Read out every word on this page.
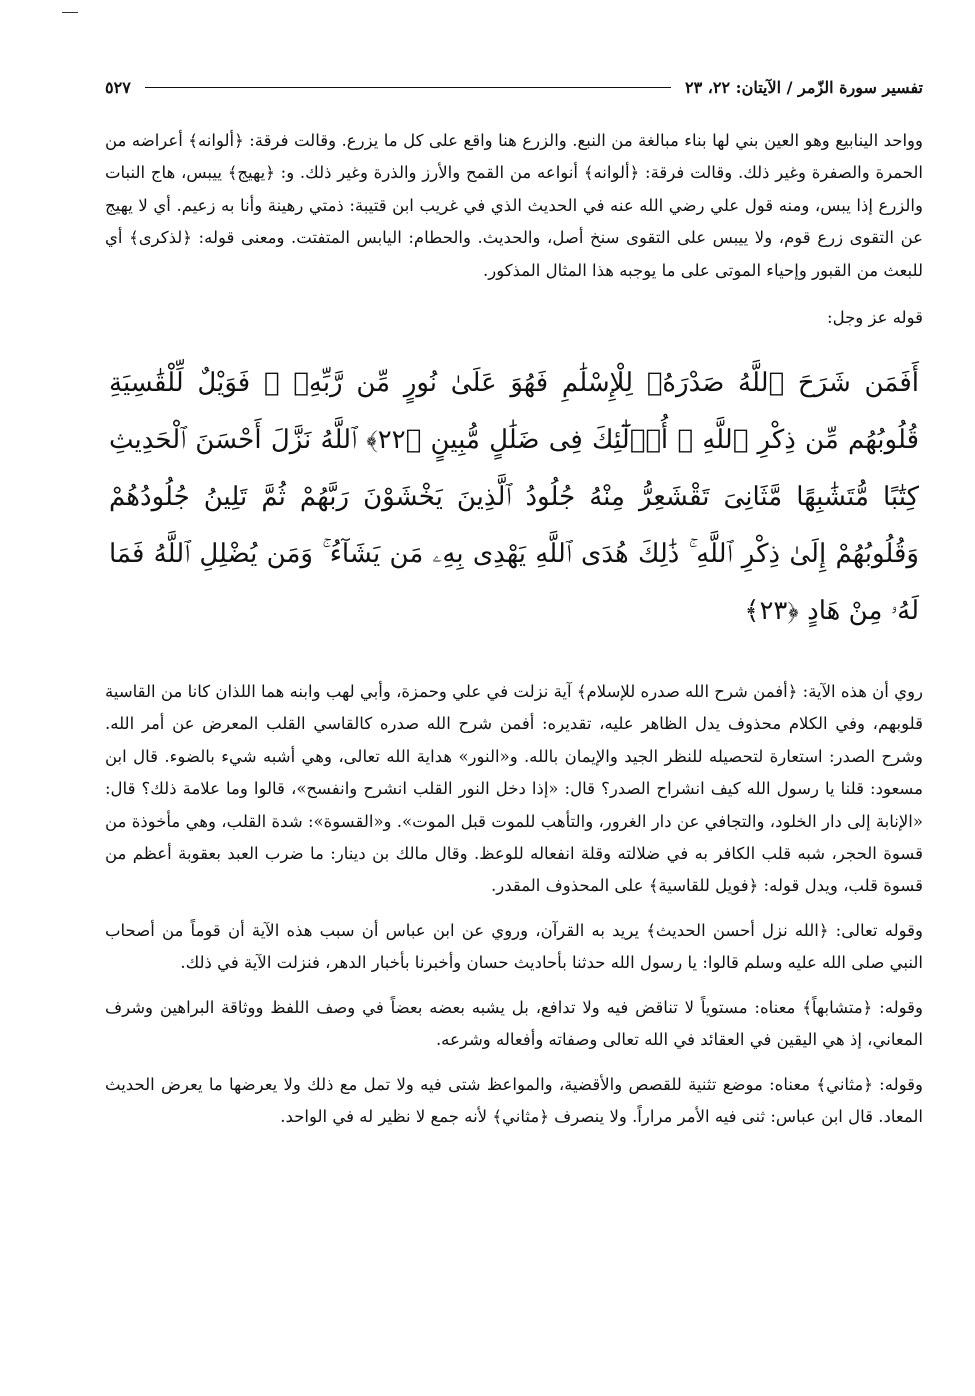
تفسير سورة الزّمر / الآيتان: ٢٢، ٢٣
٥٢٧

وواحد الينابيع وهو العين بني لها بناء مبالغة من النبع. والزرع هنا واقع على كل ما يزرع. وقالت فرقة: ﴿ألوانه﴾ أعراضه من الحمرة والصفرة وغير ذلك. وقالت فرقة: ﴿ألوانه﴾ أنواعه من القمح والأرز والذرة وغير ذلك. و: ﴿يهيج﴾ ييبس، هاج النبات والزرع إذا يبس، ومنه قول علي رضي الله عنه في الحديث الذي في غريب ابن قتيبة: ذمتي رهينة وأنا به زعيم. أي لا يهيج عن التقوى زرع قوم، ولا ييبس على التقوى سنخ أصل، والحديث. والحطام: اليابس المتفتت. ومعنى قوله: ﴿لذكرى﴾ أي للبعث من القبور وإحياء الموتى على ما يوجبه هذا المثال المذكور.

قوله عز وجل:

أَفَمَن شَرَحَ ٱللَّهُ صَدْرَهُۥ لِلْإِسْلَٰمِ فَهُوَ عَلَىٰ نُورٍ مِّن رَّبِّهِۦ ۚ فَوَيْلٌ لِّلْقَٰسِيَةِ قُلُوبُهُم مِّن ذِكْرِ ٱللَّهِ ۚ أُو۟لَٰٓئِكَ فِى ضَلَٰلٍ مُّبِينٍ ﴿٢٢﴾ ٱللَّهُ نَزَّلَ أَحْسَنَ ٱلْحَدِيثِ كِتَٰبًا مُّتَشَٰبِهًا مَّثَانِىَ تَقْشَعِرُّ مِنْهُ جُلُودُ ٱلَّذِينَ يَخْشَوْنَ رَبَّهُمْ ثُمَّ تَلِينُ جُلُودُهُمْ وَقُلُوبُهُمْ إِلَىٰ ذِكْرِ ٱللَّهِ ۚ ذَٰلِكَ هُدَى ٱللَّهِ يَهْدِى بِهِۦ مَن يَشَآءُ ۚ وَمَن يُضْلِلِ ٱللَّهُ فَمَا لَهُۥ مِنْ هَادٍ ﴿٢٣﴾

روي أن هذه الآية: ﴿أفمن شرح الله صدره للإسلام﴾ آية نزلت في علي وحمزة، وأبي لهب وابنه هما اللذان كانا من القاسية قلوبهم، وفي الكلام محذوف يدل الظاهر عليه، تقديره: أفمن شرح الله صدره كالقاسي القلب المعرض عن أمر الله. وشرح الصدر: استعارة لتحصيله للنظر الجيد والإيمان بالله. و«النور» هداية الله تعالى، وهي أشبه شيء بالضوء. قال ابن مسعود: قلنا يا رسول الله كيف انشراح الصدر؟ قال: «إذا دخل النور القلب انشرح وانفسح»، قالوا وما علامة ذلك؟ قال: «الإنابة إلى دار الخلود، والتجافي عن دار الغرور، والتأهب للموت قبل الموت». و«القسوة»: شدة القلب، وهي مأخوذة من قسوة الحجر، شبه قلب الكافر به في ضلالته وقلة انفعاله للوعظ. وقال مالك بن دينار: ما ضرب العبد بعقوبة أعظم من قسوة قلب، ويدل قوله: ﴿فويل للقاسية﴾ على المحذوف المقدر.

وقوله تعالى: ﴿الله نزل أحسن الحديث﴾ يريد به القرآن، وروي عن ابن عباس أن سبب هذه الآية أن قوماً من أصحاب النبي صلى الله عليه وسلم قالوا: يا رسول الله حدثنا بأحاديث حسان وأخبرنا بأخبار الدهر، فنزلت الآية في ذلك.

وقوله: ﴿متشابهاً﴾ معناه: مستوياً لا تناقض فيه ولا تدافع، بل يشبه بعضه بعضاً في وصف اللفظ ووثاقة البراهين وشرف المعاني، إذ هي اليقين في العقائد في الله تعالى وصفاته وأفعاله وشرعه.

وقوله: ﴿مثاني﴾ معناه: موضع تثنية للقصص والأقضية، والمواعظ شتى فيه ولا تمل مع ذلك ولا يعرضها ما يعرض الحديث المعاد. قال ابن عباس: ثنى فيه الأمر مراراً. ولا ينصرف ﴿مثاني﴾ لأنه جمع لا نظير له في الواحد.
